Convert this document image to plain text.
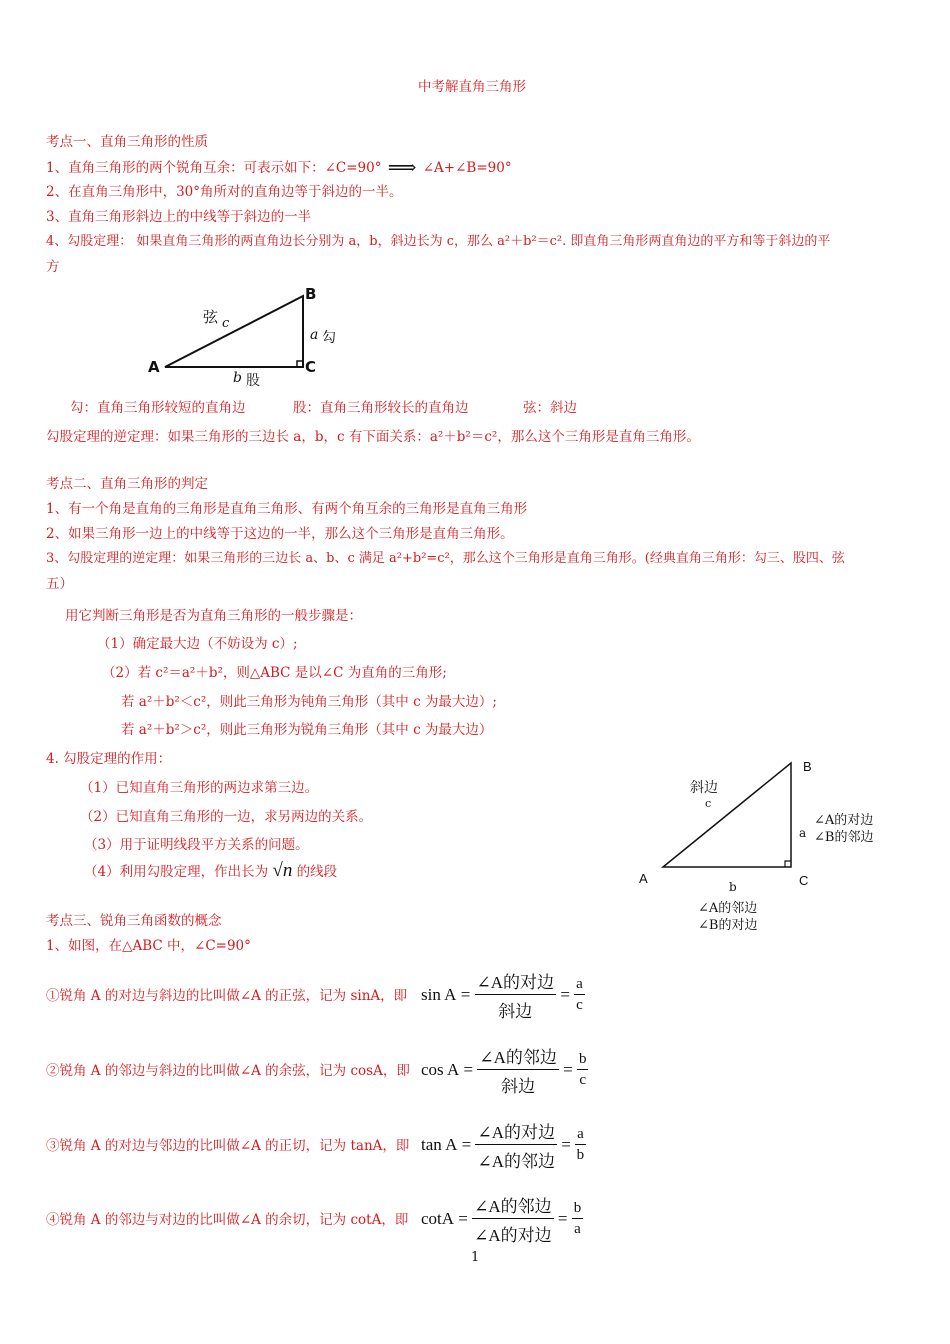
中考解直角三角形
考点一、直角三角形的性质
1、直角三角形的两个锐角互余：可表示如下：∠C=90° ⟹ ∠A+∠B=90°
2、在直角三角形中，30°角所对的直角边等于斜边的一半。
3、直角三角形斜边上的中线等于斜边的一半
4、勾股定理： 如果直角三角形的两直角边长分别为 a，b，斜边长为 c，那么 a²＋b²＝c². 即直角三角形两直角边的平方和等于斜边的平
方
A
B
C
弦 c
a 勾
b 股
勾：直角三角形较短的直角边	股：直角三角形较长的直角边	弦：斜边
勾股定理的逆定理：如果三角形的三边长 a，b，c 有下面关系：a²＋b²＝c²，那么这个三角形是直角三角形。
考点二、直角三角形的判定
1、有一个角是直角的三角形是直角三角形、有两个角互余的三角形是直角三角形
2、如果三角形一边上的中线等于这边的一半，那么这个三角形是直角三角形。
3、勾股定理的逆定理：如果三角形的三边长 a、b、c 满足 a²+b²=c²，那么这个三角形是直角三角形。(经典直角三角形：勾三、股四、弦
五）
用它判断三角形是否为直角三角形的一般步骤是：
（1）确定最大边（不妨设为 c）;
（2）若 c²＝a²＋b²，则△ABC 是以∠C 为直角的三角形;
若 a²＋b²＜c²，则此三角形为钝角三角形（其中 c 为最大边）;
若 a²＋b²＞c²，则此三角形为锐角三角形（其中 c 为最大边）
4. 勾股定理的作用：
（1）已知直角三角形的两边求第三边。
（2）已知直角三角形的一边，求另两边的关系。
（3）用于证明线段平方关系的问题。
（4）利用勾股定理，作出长为 √n 的线段	A
B
C
斜边
c
a
∠A的对边
∠B的邻边
b
∠A的邻边
∠B的对边
考点三、锐角三角函数的概念
1、如图，在△ABC 中，∠C=90°
①锐角 A 的对边与斜边的比叫做∠A 的正弦，记为 sinA，即 $\sin A = \frac{\text{∠A的对边}}{\text{斜边}} = \frac{a}{c}$
②锐角 A 的邻边与斜边的比叫做∠A 的余弦，记为 cosA，即 $\cos A = \frac{\text{∠A的邻边}}{\text{斜边}} = \frac{b}{c}$
③锐角 A 的对边与邻边的比叫做∠A 的正切，记为 tanA，即 $\tan A = \frac{\text{∠A的对边}}{\text{∠A的邻边}} = \frac{a}{b}$
④锐角 A 的邻边与对边的比叫做∠A 的余切，记为 cotA，即 $\cot A = \frac{\text{∠A的邻边}}{\text{∠A的对边}} = \frac{b}{a}$
1
